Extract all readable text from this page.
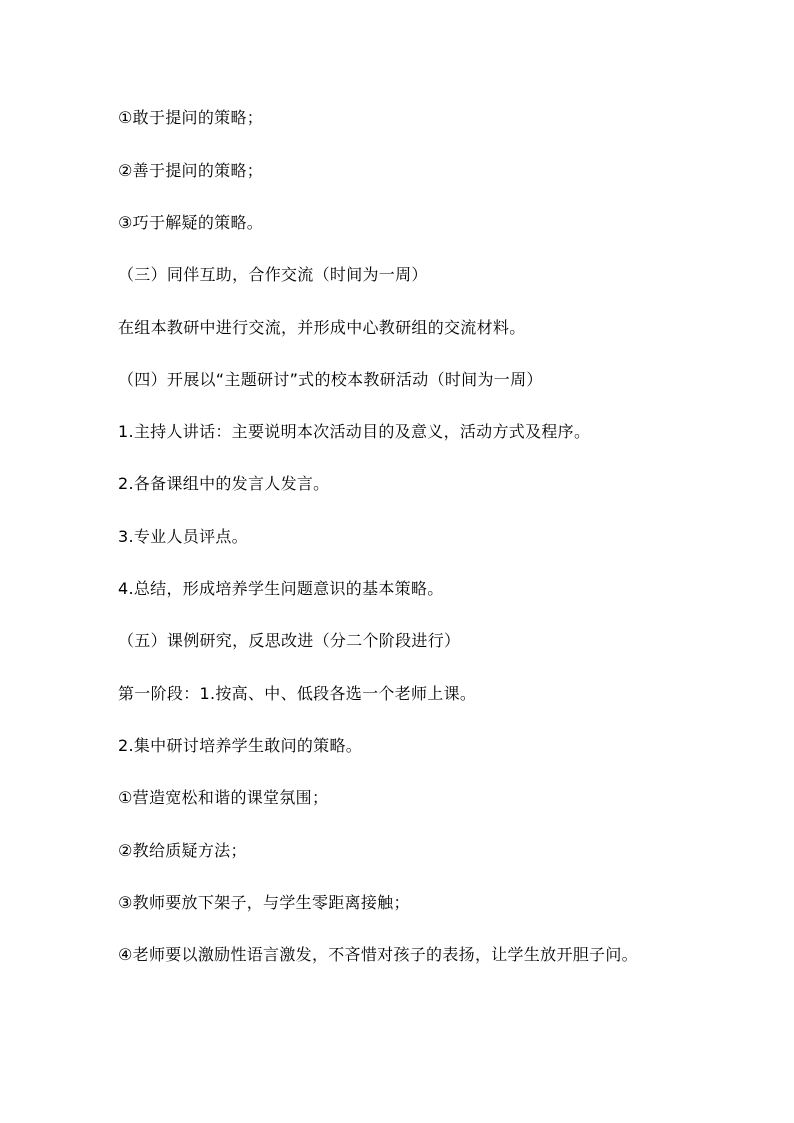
①敢于提问的策略；
②善于提问的策略；
③巧于解疑的策略。
（三）同伴互助，合作交流（时间为一周）
在组本教研中进行交流，并形成中心教研组的交流材料。
（四）开展以“主题研讨”式的校本教研活动（时间为一周）
1.主持人讲话：主要说明本次活动目的及意义，活动方式及程序。
2.各备课组中的发言人发言。
3.专业人员评点。
4.总结，形成培养学生问题意识的基本策略。
（五）课例研究，反思改进（分二个阶段进行）
第一阶段：1.按高、中、低段各选一个老师上课。
2.集中研讨培养学生敢问的策略。
①营造宽松和谐的课堂氛围；
②教给质疑方法；
③教师要放下架子，与学生零距离接触；
④老师要以激励性语言激发，不吝惜对孩子的表扬，让学生放开胆子问。
